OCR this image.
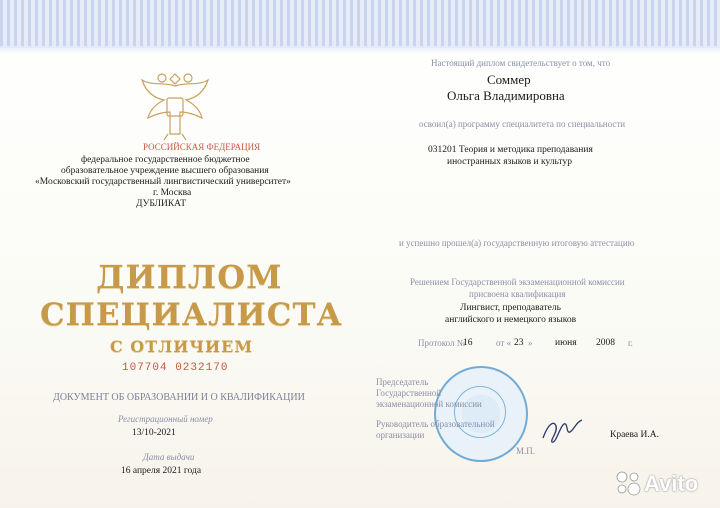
РОССИЙСКАЯ ФЕДЕРАЦИЯ
федеральное государственное бюджетное
образовательное учреждение высшего образования
«Московский государственный лингвистический университет»
г. Москва
ДУБЛИКАТ
ДИПЛОМ
СПЕЦИАЛИСТА
С ОТЛИЧИЕМ
107704 0232170
ДОКУМЕНТ ОБ ОБРАЗОВАНИИ И О КВАЛИФИКАЦИИ
Регистрационный номер
13/10-2021
Дата выдачи
16 апреля 2021 года
Настоящий диплом свидетельствует о том, что
Соммер
Ольга Владимировна
освоил(а) программу специалитета по специальности
031201 Теория и методика преподавания
иностранных языков и культур
и успешно прошел(а) государственную итоговую аттестацию
Решением Государственной экзаменационной комиссии
присвоена квалификация
Лингвист, преподаватель
английского и немецкого языков
Протокол №
16	от « 23 » июня 2008 г.
Председатель
Государственной
экзаменационной комиссии
Руководитель образовательной
организации
М.П.
Краева И.А.
Avito
